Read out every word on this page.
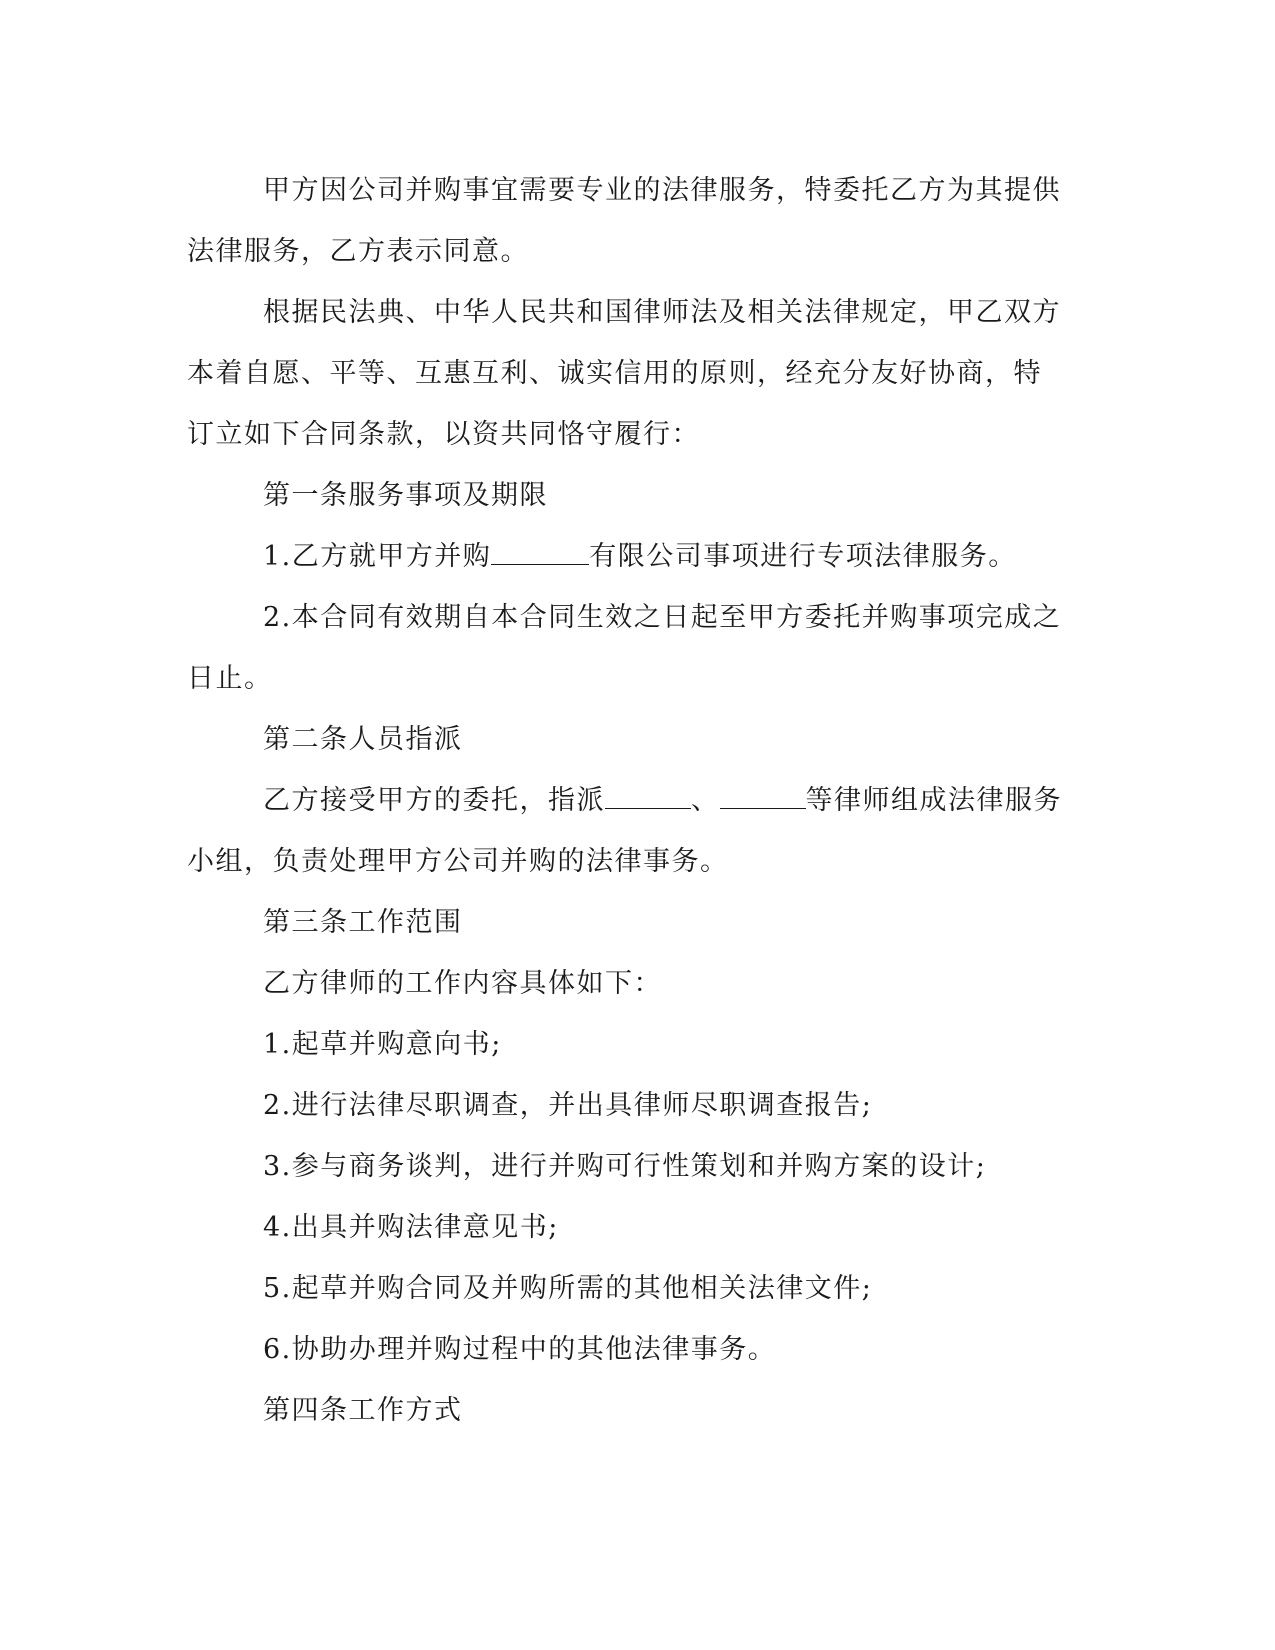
甲方因公司并购事宜需要专业的法律服务，特委托乙方为其提供
法律服务，乙方表示同意。
根据民法典、中华人民共和国律师法及相关法律规定，甲乙双方
本着自愿、平等、互惠互利、诚实信用的原则，经充分友好协商，特
订立如下合同条款，以资共同恪守履行：
第一条服务事项及期限
1.乙方就甲方并购	有限公司事项进行专项法律服务。
2.本合同有效期自本合同生效之日起至甲方委托并购事项完成之
日止。
第二条人员指派
乙方接受甲方的委托，指派	、	等律师组成法律服务
小组，负责处理甲方公司并购的法律事务。
第三条工作范围
乙方律师的工作内容具体如下：
1.起草并购意向书;
2.进行法律尽职调查，并出具律师尽职调查报告;
3.参与商务谈判，进行并购可行性策划和并购方案的设计;
4.出具并购法律意见书;
5.起草并购合同及并购所需的其他相关法律文件;
6.协助办理并购过程中的其他法律事务。
第四条工作方式
